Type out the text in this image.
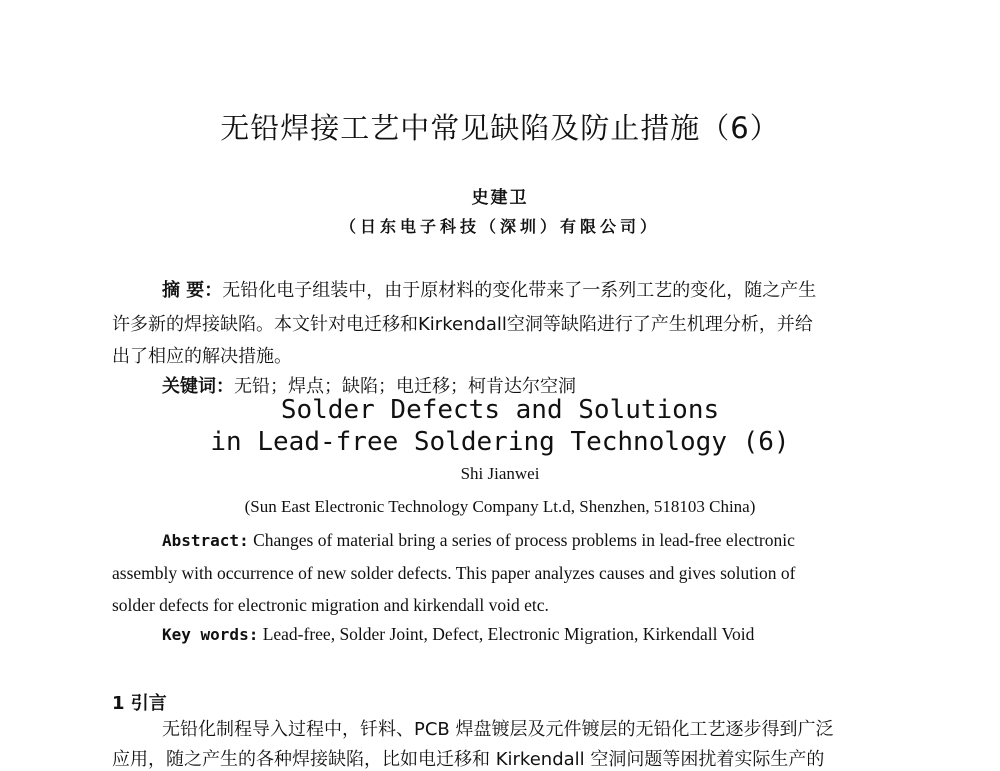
无铅焊接工艺中常见缺陷及防止措施（6）
史建卫
（日东电子科技（深圳）有限公司）
摘 要：无铅化电子组装中，由于原材料的变化带来了一系列工艺的变化，随之产生
许多新的焊接缺陷。本文针对电迁移和Kirkendall空洞等缺陷进行了产生机理分析，并给
出了相应的解决措施。
关键词：无铅；焊点；缺陷；电迁移；柯肯达尔空洞
Solder Defects and Solutions
in Lead-free Soldering Technology (6)
Shi Jianwei
(Sun East Electronic Technology Company Lt.d, Shenzhen, 518103 China)
Abstract: Changes of material bring a series of process problems in lead-free electronic
assembly with occurrence of new solder defects. This paper analyzes causes and gives solution of
solder defects for electronic migration and kirkendall void etc.
Key words: Lead-free, Solder Joint, Defect, Electronic Migration, Kirkendall Void
1 引言
无铅化制程导入过程中，钎料、PCB 焊盘镀层及元件镀层的无铅化工艺逐步得到广泛
应用，随之产生的各种焊接缺陷，比如电迁移和 Kirkendall 空洞问题等困扰着实际生产的
